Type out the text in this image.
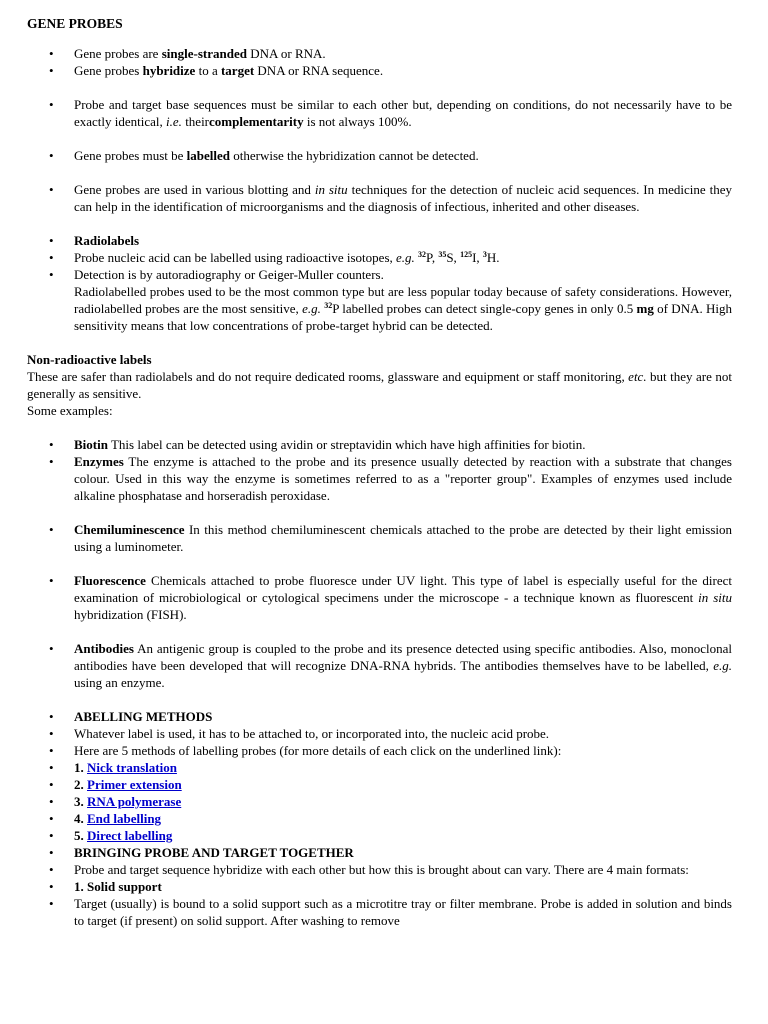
GENE PROBES
• Gene probes are single-stranded DNA or RNA.
• Gene probes hybridize to a target DNA or RNA sequence.
• Probe and target base sequences must be similar to each other but, depending on conditions, do not necessarily have to be exactly identical, i.e. theircomplementarity is not always 100%.
• Gene probes must be labelled otherwise the hybridization cannot be detected.
• Gene probes are used in various blotting and in situ techniques for the detection of nucleic acid sequences. In medicine they can help in the identification of microorganisms and the diagnosis of infectious, inherited and other diseases.
• Radiolabels
• Probe nucleic acid can be labelled using radioactive isotopes, e.g. $^{32}$P, $^{35}$S, $^{125}$I, $^3$H.
• Detection is by autoradiography or Geiger-Muller counters.
Radiolabelled probes used to be the most common type but are less popular today because of safety considerations. However, radiolabelled probes are the most sensitive, e.g. $^{32}$P labelled probes can detect single-copy genes in only 0.5 mg of DNA. High sensitivity means that low concentrations of probe-target hybrid can be detected.
Non-radioactive labels
These are safer than radiolabels and do not require dedicated rooms, glassware and equipment or staff monitoring, etc. but they are not generally as sensitive.
Some examples:
• Biotin This label can be detected using avidin or streptavidin which have high affinities for biotin.
• Enzymes The enzyme is attached to the probe and its presence usually detected by reaction with a substrate that changes colour. Used in this way the enzyme is sometimes referred to as a "reporter group". Examples of enzymes used include alkaline phosphatase and horseradish peroxidase.
• Chemiluminescence In this method chemiluminescent chemicals attached to the probe are detected by their light emission using a luminometer.
• Fluorescence Chemicals attached to probe fluoresce under UV light. This type of label is especially useful for the direct examination of microbiological or cytological specimens under the microscope - a technique known as fluorescent in situ hybridization (FISH).
• Antibodies An antigenic group is coupled to the probe and its presence detected using specific antibodies. Also, monoclonal antibodies have been developed that will recognize DNA-RNA hybrids. The antibodies themselves have to be labelled, e.g. using an enzyme.
• ABELLING METHODS
• Whatever label is used, it has to be attached to, or incorporated into, the nucleic acid probe.
• Here are 5 methods of labelling probes (for more details of each click on the underlined link):
• 1. Nick translation
• 2. Primer extension
• 3. RNA polymerase
• 4. End labelling
• 5. Direct labelling
• BRINGING PROBE AND TARGET TOGETHER
• Probe and target sequence hybridize with each other but how this is brought about can vary. There are 4 main formats:
• 1. Solid support
• Target (usually) is bound to a solid support such as a microtitre tray or filter membrane. Probe is added in solution and binds to target (if present) on solid support. After washing to remove
